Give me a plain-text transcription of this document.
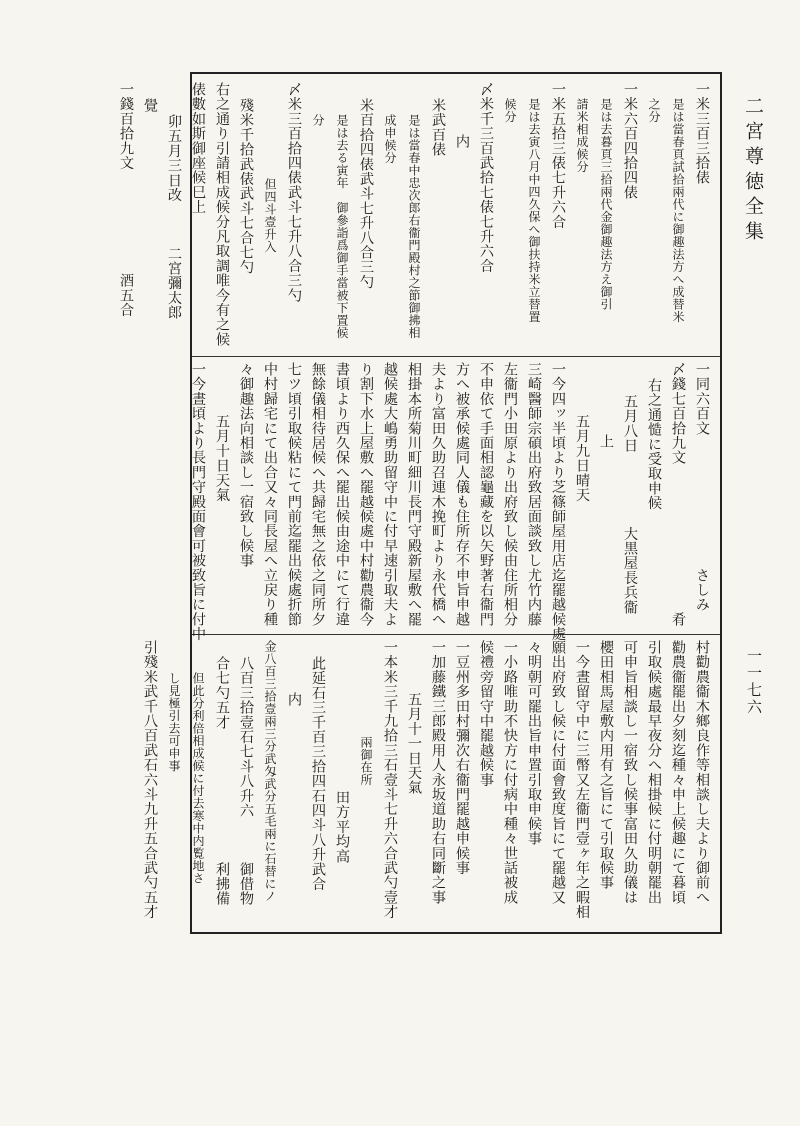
二宮尊徳全集
一一七六
一米三百三拾俵
是は當春頁試拾兩代に御趣法方へ成替米
之分
一米六百四拾四俵
是は去暮頁三拾兩代金御趣法方え御引
請米相成候分
一米五拾三俵七升六合
是は去寅八月中四久保へ御扶持米立替置
候分
〆米千三百武拾七俵七升六合
内
米武百俵
是は當春中忠次郎右衞門殿村之節御拂相
成申候分
米百拾四俵武斗七升八合三勺
是は去る寅年　御參詣爲御手當被下置候
分
〆米三百拾四俵武斗七升八合三勺
但四斗壹升入
殘米千拾武俵武斗七合七勺
右之通り引請相成候分凡取調唯今有之候
俵數如斯御座候巳上
卯五月三日改　　　二宮彌太郎
覺
一錢百拾九文　　　　　　　酒五合
一同六百文　　　　　　　　　さしみ
〆錢七百拾九文　　　　　　　　　　肴
右之通慥に受取申候
五月八日　　　　　大黒屋長兵衞
上
五月九日晴天
一今四ッ半頃より芝篠師屋用店迄罷越候處
三崎醫師宗碩出府致居面談致し尤竹内藤
左衞門小田原より出府致し候由住所相分
不申依て手面相認龜藏を以矢野著右衞門
方へ被承候處同人儀も住所存不申旨申越
夫より富田久助召連木挽町より永代橋へ
相掛本所菊川町細川長門守殿新屋敷へ罷
越候處大嶋勇助留守中に付早速引取夫よ
り割下水上屋敷へ罷越候處中村勸農衞今
書頃より西久保へ罷出候由途中にて行違
無餘儀相待居候へ共歸宅無之依之同所夕
七ツ頃引取候粘にて門前迄罷出候處折節
中村歸宅にて出合又々同長屋へ立戻り種
々御趣法向相談し一宿致し候事
五月十日天氣
一今晝頃より長門守殿面會可被致旨に付中
村勸農衞木鄉良作等相談し夫より御前へ
勸農衞罷出夕刻迄種々申上候趣にて暮頃
引取候處最早夜分へ相掛候に付明朝罷出
可申旨相談し一宿致し候事富田久助儀は
櫻田相馬屋敷内用有之旨にて引取候事
一今晝留守中に三幣又左衞門壹ヶ年之暇相
願出府致し候に付面會致度旨にて罷越又
々明朝可罷出旨申置引取申候事
一小路唯助不快方に付病中種々世話被成
候禮旁留守中罷越候事
一豆州多田村彌次右衞門罷越申候事
一加藤鐵三郎殿用人永坂道助右同斷之事
五月十一日天氣
一本米三千九拾三石壹斗七升六合武勺壹才
兩御在所
田方平均高
此延石三千百三拾四石四斗八升武合
内
金八百三拾壹兩三分武匁武分五毛兩に石替にノ
八百三拾壹石七斗八升六　　　御借物
合七勺五才　　　　　　　　　利拂備
但此分利倍相成候に付去寒中内覧地さ
し見極引去可申事
引殘米武千八百武石六斗九升五合武勺五才
